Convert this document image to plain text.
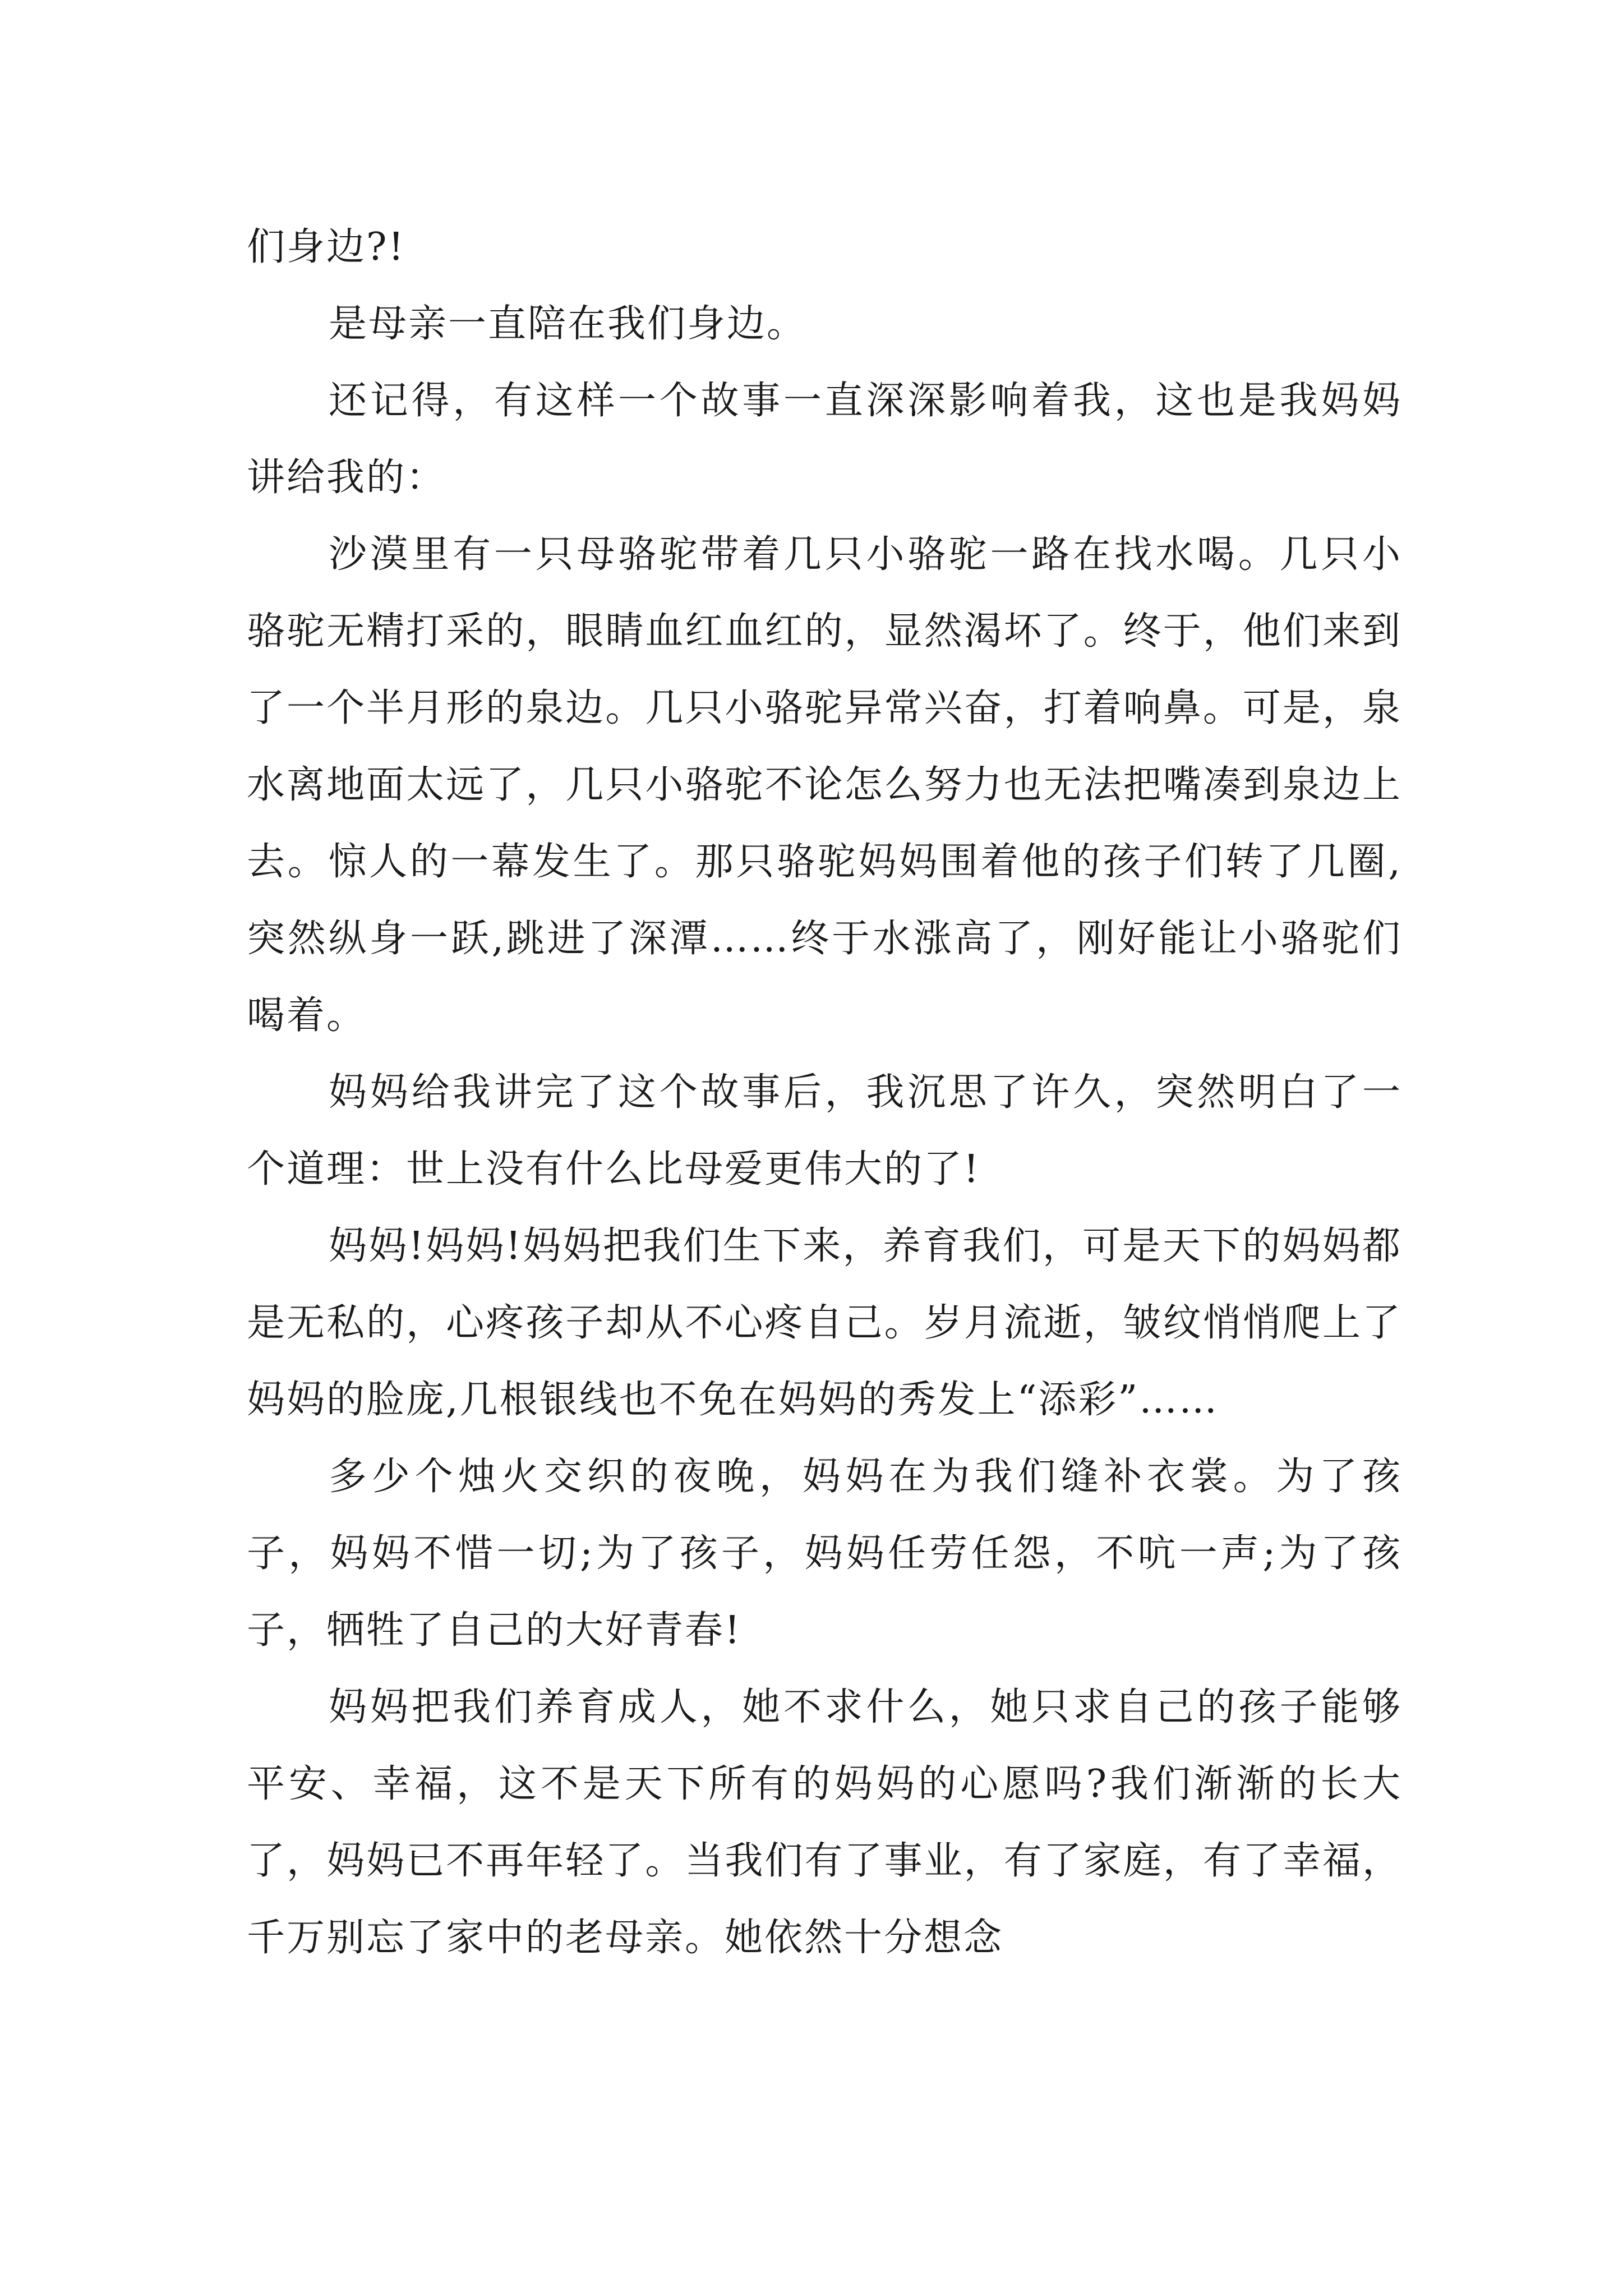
们身边?!

是母亲一直陪在我们身边。

还记得，有这样一个故事一直深深影响着我，这也是我妈妈讲给我的：

沙漠里有一只母骆驼带着几只小骆驼一路在找水喝。几只小骆驼无精打采的，眼睛血红血红的，显然渴坏了。终于，他们来到了一个半月形的泉边。几只小骆驼异常兴奋，打着响鼻。可是，泉水离地面太远了，几只小骆驼不论怎么努力也无法把嘴凑到泉边上去。惊人的一幕发生了。那只骆驼妈妈围着他的孩子们转了几圈,突然纵身一跃,跳进了深潭……终于水涨高了，刚好能让小骆驼们喝着。

妈妈给我讲完了这个故事后，我沉思了许久，突然明白了一个道理：世上没有什么比母爱更伟大的了!

妈妈!妈妈!妈妈把我们生下来，养育我们，可是天下的妈妈都是无私的，心疼孩子却从不心疼自己。岁月流逝，皱纹悄悄爬上了妈妈的脸庞,几根银线也不免在妈妈的秀发上“添彩”……

多少个烛火交织的夜晚，妈妈在为我们缝补衣裳。为了孩子，妈妈不惜一切;为了孩子，妈妈任劳任怨，不吭一声;为了孩子，牺牲了自己的大好青春!

妈妈把我们养育成人，她不求什么，她只求自己的孩子能够平安、幸福，这不是天下所有的妈妈的心愿吗?我们渐渐的长大了，妈妈已不再年轻了。当我们有了事业，有了家庭，有了幸福，千万别忘了家中的老母亲。她依然十分想念
